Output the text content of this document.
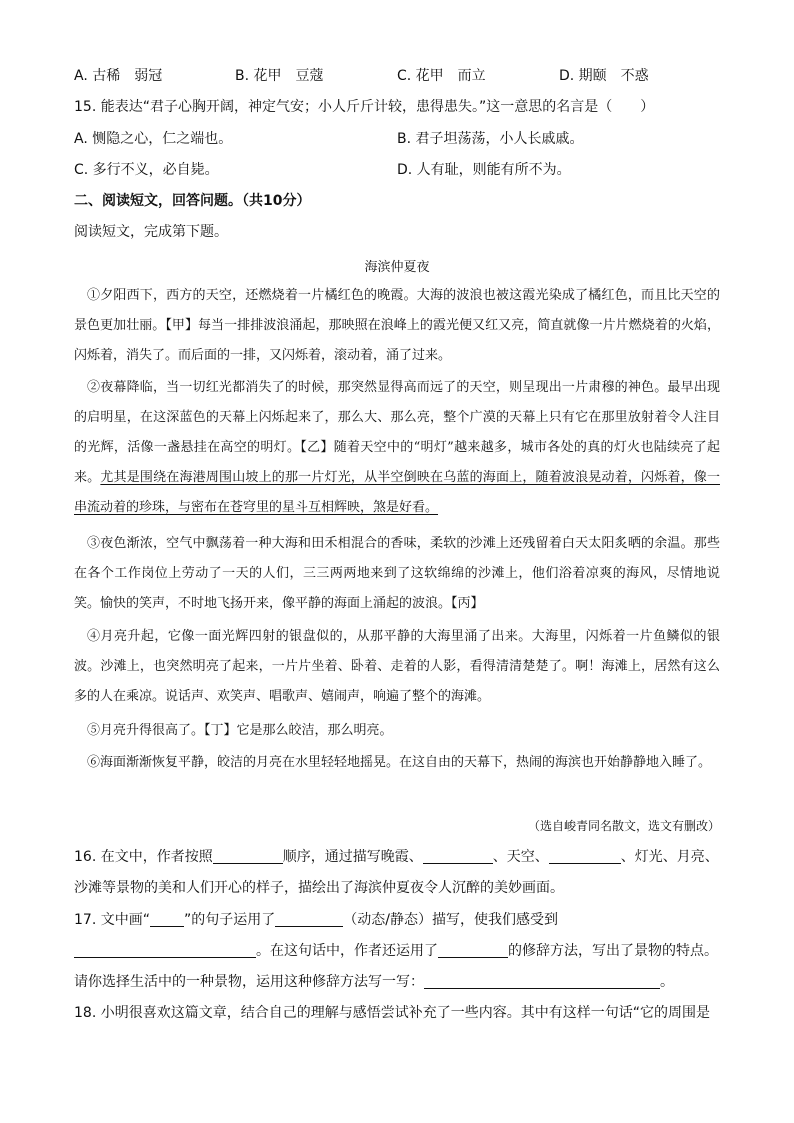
A. 古稀　弱冠	B. 花甲　豆蔻	C. 花甲　而立	D. 期颐　不惑
15. 能表达“君子心胸开阔，神定气安；小人斤斤计较，患得患失。”这一意思的名言是（　　）
A. 恻隐之心，仁之端也。	B. 君子坦荡荡，小人长戚戚。
C. 多行不义，必自毙。	D. 人有耻，则能有所不为。
二、阅读短文，回答问题。（共10分）
阅读短文，完成第下题。
海滨仲夏夜
①夕阳西下，西方的天空，还燃烧着一片橘红色的晚霞。大海的波浪也被这霞光染成了橘红色，而且比天空的景色更加壮丽。【甲】每当一排排波浪涌起，那映照在浪峰上的霞光便又红又亮，简直就像一片片燃烧着的火焰，闪烁着，消失了。而后面的一排，又闪烁着，滚动着，涌了过来。
②夜幕降临，当一切红光都消失了的时候，那突然显得高而远了的天空，则呈现出一片肃穆的神色。最早出现的启明星，在这深蓝色的天幕上闪烁起来了，那么大、那么亮，整个广漠的天幕上只有它在那里放射着令人注目的光辉，活像一盏悬挂在高空的明灯。【乙】随着天空中的“明灯”越来越多，城市各处的真的灯火也陆续亮了起来。尤其是围绕在海港周围山坡上的那一片灯光，从半空倒映在乌蓝的海面上，随着波浪晃动着，闪烁着，像一串流动着的珍珠，与密布在苍穹里的星斗互相辉映，煞是好看。
③夜色渐浓，空气中飘荡着一种大海和田禾相混合的香味，柔软的沙滩上还残留着白天太阳炙晒的余温。那些在各个工作岗位上劳动了一天的人们，三三两两地来到了这软绵绵的沙滩上，他们浴着凉爽的海风，尽情地说笑。愉快的笑声，不时地飞扬开来，像平静的海面上涌起的波浪。【丙】
④月亮升起，它像一面光辉四射的银盘似的，从那平静的大海里涌了出来。大海里，闪烁着一片鱼鳞似的银波。沙滩上，也突然明亮了起来，一片片坐着、卧着、走着的人影，看得清清楚楚了。啊！海滩上，居然有这么多的人在乘凉。说话声、欢笑声、唱歌声、嬉闹声，响遍了整个的海滩。
⑤月亮升得很高了。【丁】它是那么皎洁，那么明亮。
⑥海面渐渐恢复平静，皎洁的月亮在水里轻轻地摇晃。在这自由的天幕下，热闹的海滨也开始静静地入睡了。
（选自峻青同名散文，选文有删改）
16. 在文中，作者按照	顺序，通过描写晚霞、	、天空、	、灯光、月亮、
沙滩等景物的美和人们开心的样子，描绘出了海滨仲夏夜令人沉醉的美妙画面。
17. 文中画“ ”的句子运用了	（动态/静态）描写，使我们感受到
。在这句话中，作者还运用了	的修辞方法，写出了景物的特点。
请你选择生活中的一种景物，运用这种修辞方法写一写：	。
18. 小明很喜欢这篇文章，结合自己的理解与感悟尝试补充了一些内容。其中有这样一句话“它的周围是
